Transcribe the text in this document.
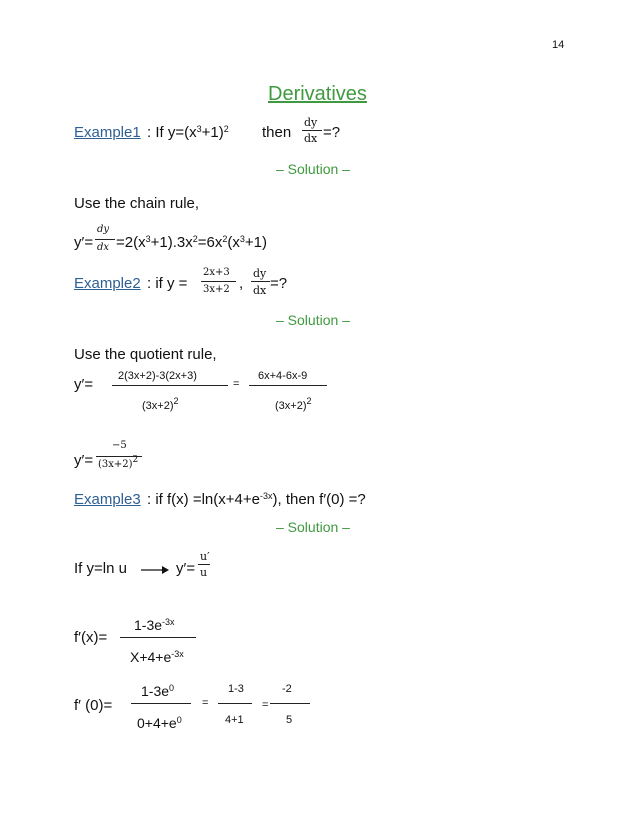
14
Derivatives
Example1 : If $y=(x^3+1)^2$ then
dy
dx =?
– Solution –
Use the chain rule,
y′=
dy
dx $=2(x^3+1).3x^2=6x^2(x^3+1)$
Example2 : if y =
2x+3
3x+2 ,
dy
dx =?
– Solution –
Use the quotient rule,
y′= 2(3x+2)-3(2x+3)
$(3x+2)^2$
=
6x+4-6x-9
$(3x+2)^2$
y′=
−5
$(3x+2)^2$
Example3 : if $f(x) =\ln(x+4+e^{-3x})$, then f′(0) =?
– Solution –
If y=ln u	y′=
u′
u
f′(x)=
$1-3e^{-3x}$
$X+4+e^{-3x}$
f′ (0)=
$1-3e^0$
$0+4+e^0$
=
1-3
4+1
=
-2
5
